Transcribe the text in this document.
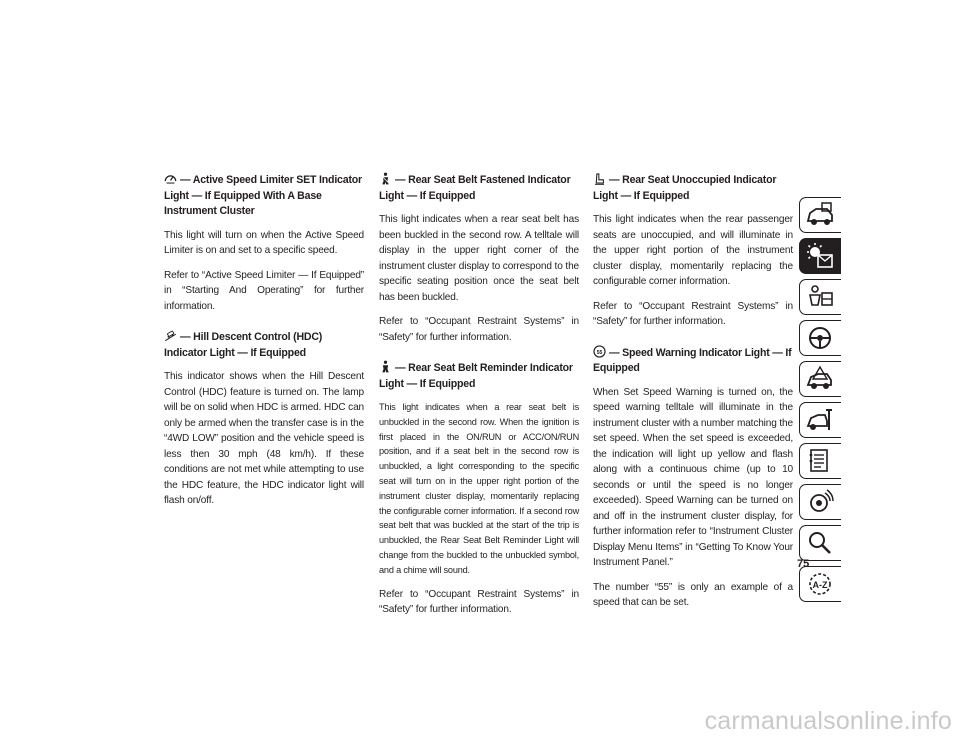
— Active Speed Limiter SET Indicator Light — If Equipped With A Base Instrument Cluster

This light will turn on when the Active Speed Limiter is on and set to a specific speed.

Refer to “Active Speed Limiter — If Equipped” in “Starting And Operating” for further information.

— Hill Descent Control (HDC) Indicator Light — If Equipped

This indicator shows when the Hill Descent Control (HDC) feature is turned on. The lamp will be on solid when HDC is armed. HDC can only be armed when the transfer case is in the “4WD LOW” position and the vehicle speed is less then 30 mph (48 km/h). If these conditions are not met while attempting to use the HDC feature, the HDC indicator light will flash on/off.

— Rear Seat Belt Fastened Indicator Light — If Equipped

This light indicates when a rear seat belt has been buckled in the second row. A telltale will display in the upper right corner of the instrument cluster display to correspond to the specific seating position once the seat belt has been buckled.

Refer to “Occupant Restraint Systems” in “Safety” for further information.

— Rear Seat Belt Reminder Indicator Light — If Equipped

This light indicates when a rear seat belt is unbuckled in the second row. When the ignition is first placed in the ON/RUN or ACC/ON/RUN position, and if a seat belt in the second row is unbuckled, a light corresponding to the specific seat will turn on in the upper right portion of the instrument cluster display, momentarily replacing the configurable corner information. If a second row seat belt that was buckled at the start of the trip is unbuckled, the Rear Seat Belt Reminder Light will change from the buckled to the unbuckled symbol, and a chime will sound.

Refer to “Occupant Restraint Systems” in “Safety” for further information.

— Rear Seat Unoccupied Indicator Light — If Equipped

This light indicates when the rear passenger seats are unoccupied, and will illuminate in the upper right portion of the instrument cluster display, momentarily replacing the configurable corner information.

Refer to “Occupant Restraint Systems” in “Safety” for further information.

55 — Speed Warning Indicator Light — If Equipped

When Set Speed Warning is turned on, the speed warning telltale will illuminate in the instrument cluster with a number matching the set speed. When the set speed is exceeded, the indication will light up yellow and flash along with a continuous chime (up to 10 seconds or until the speed is no longer exceeded). Speed Warning can be turned on and off in the instrument cluster display, for further information refer to “Instrument Cluster Display Menu Items” in “Getting To Know Your Instrument Panel.”

The number “55” is only an example of a speed that can be set.

A-Z
75
carmanualsonline.info
